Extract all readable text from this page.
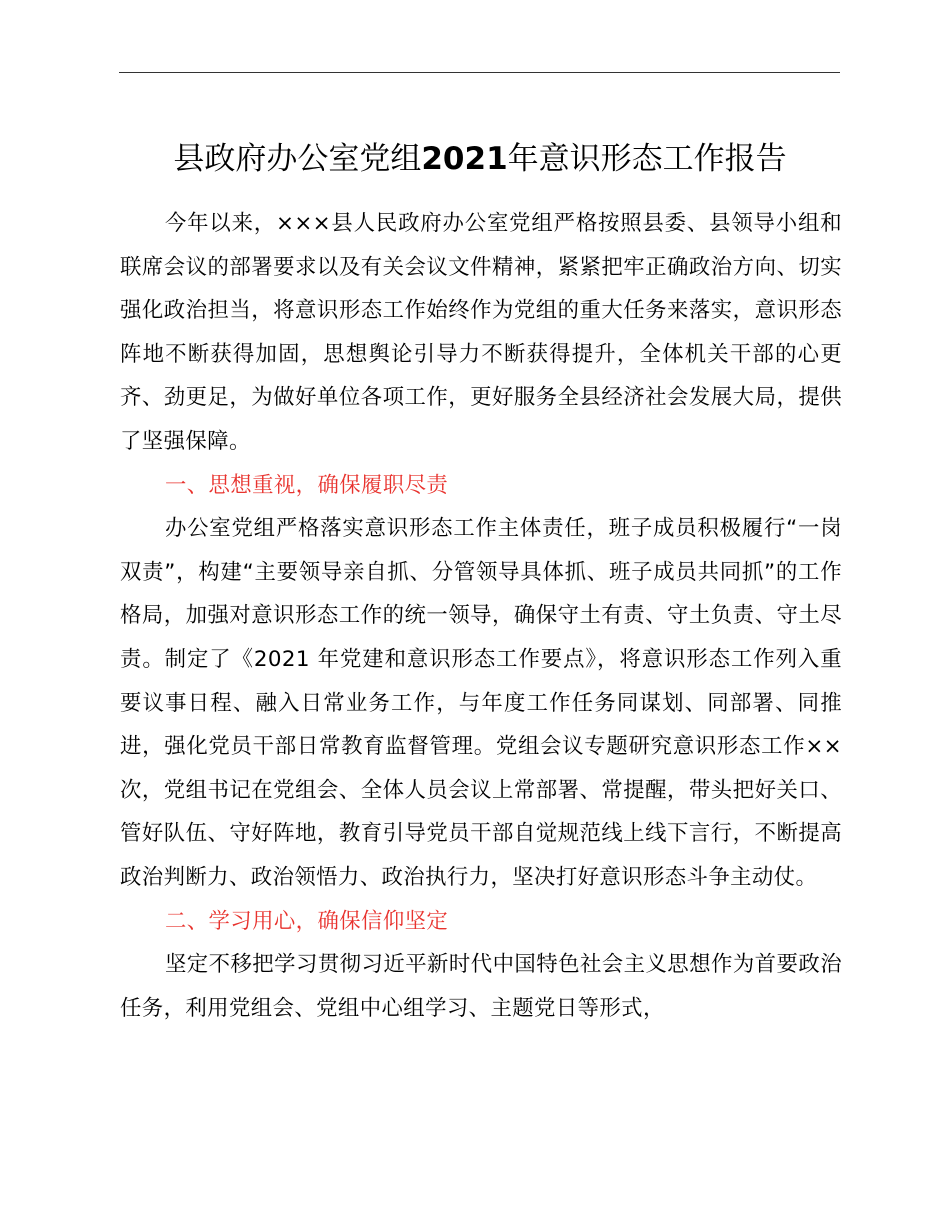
县政府办公室党组2021年意识形态工作报告

今年以来，×××县人民政府办公室党组严格按照县委、县领导小组和联席会议的部署要求以及有关会议文件精神，紧紧把牢正确政治方向、切实强化政治担当，将意识形态工作始终作为党组的重大任务来落实，意识形态阵地不断获得加固，思想舆论引导力不断获得提升，全体机关干部的心更齐、劲更足，为做好单位各项工作，更好服务全县经济社会发展大局，提供了坚强保障。

一、思想重视，确保履职尽责

办公室党组严格落实意识形态工作主体责任，班子成员积极履行“一岗双责”，构建“主要领导亲自抓、分管领导具体抓、班子成员共同抓”的工作格局，加强对意识形态工作的统一领导，确保守土有责、守土负责、守土尽责。制定了《2021 年党建和意识形态工作要点》，将意识形态工作列入重要议事日程、融入日常业务工作，与年度工作任务同谋划、同部署、同推进，强化党员干部日常教育监督管理。党组会议专题研究意识形态工作××次，党组书记在党组会、全体人员会议上常部署、常提醒，带头把好关口、管好队伍、守好阵地，教育引导党员干部自觉规范线上线下言行，不断提高政治判断力、政治领悟力、政治执行力，坚决打好意识形态斗争主动仗。

二、学习用心，确保信仰坚定

坚定不移把学习贯彻习近平新时代中国特色社会主义思想作为首要政治任务，利用党组会、党组中心组学习、主题党日等形式，
